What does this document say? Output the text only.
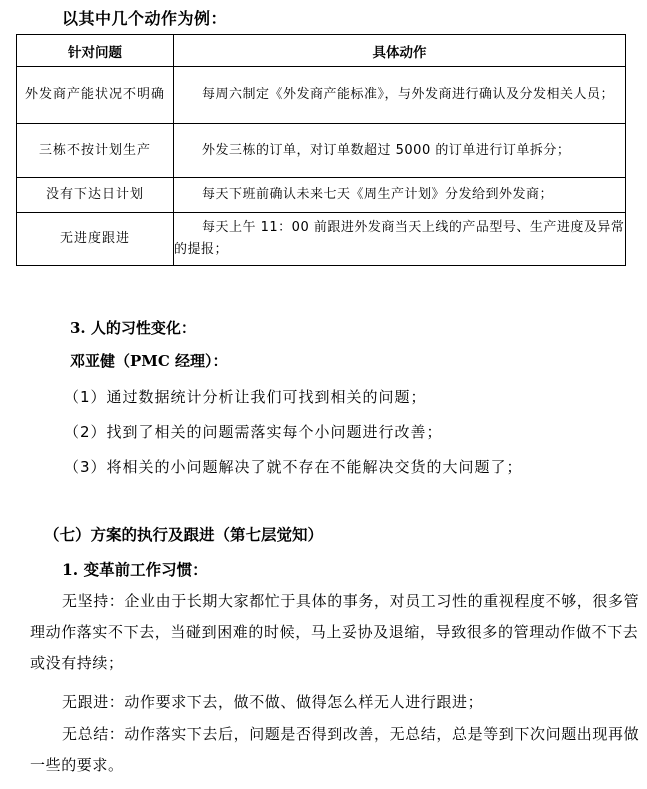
以其中几个动作为例：
针对问题	具体动作
外发商产能状况不明确	每周六制定《外发商产能标准》，与外发商进行确认及分发相关人员；
三栋不按计划生产	外发三栋的订单，对订单数超过 5000 的订单进行订单拆分；
没有下达日计划	每天下班前确认未来七天《周生产计划》分发给到外发商；
无进度跟进	每天上午 11：00 前跟进外发商当天上线的产品型号、生产进度及异常的提报；
3. 人的习性变化：
邓亚健（PMC 经理）：
（1）通过数据统计分析让我们可找到相关的问题；
（2）找到了相关的问题需落实每个小问题进行改善；
（3）将相关的小问题解决了就不存在不能解决交货的大问题了；
（七）方案的执行及跟进（第七层觉知）
1. 变革前工作习惯：
无坚持：企业由于长期大家都忙于具体的事务，对员工习性的重视程度不够，很多管理动作落实不下去，当碰到困难的时候，马上妥协及退缩，导致很多的管理动作做不下去或没有持续；
无跟进：动作要求下去，做不做、做得怎么样无人进行跟进；
无总结：动作落实下去后，问题是否得到改善，无总结，总是等到下次问题出现再做一些的要求。
